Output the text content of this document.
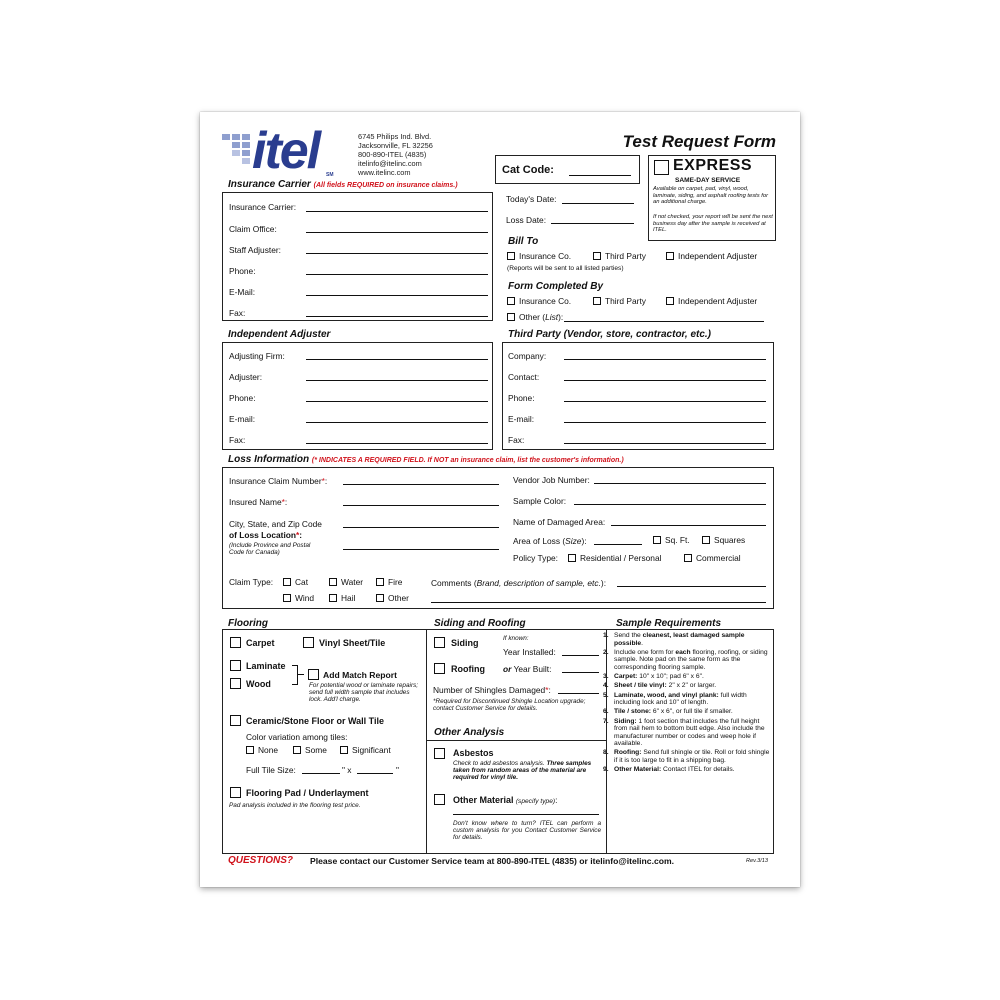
itel SM
6745 Philips Ind. Blvd.
Jacksonville, FL 32256
800-890-ITEL (4835)
itelinfo@itelinc.com
www.itelinc.com
Test Request Form
Cat Code:	EXPRESS
SAME-DAY SERVICE
Available on carpet, pad, vinyl, wood, laminate, siding, and asphalt roofing tests for an additional charge.
If not checked, your report will be sent the next business day after the sample is received at ITEL.
Insurance Carrier (All fields REQUIRED on insurance claims.)
Insurance Carrier:
Claim Office:
Staff Adjuster:
Phone:
E-Mail:
Fax:
Today's Date:
Loss Date:
Bill To
Insurance Co.	Third Party	Independent Adjuster
(Reports will be sent to all listed parties)
Form Completed By
Insurance Co.	Third Party	Independent Adjuster
Other (List):
Independent Adjuster
Adjusting Firm:
Adjuster:
Phone:
E-mail:
Fax:
Third Party (Vendor, store, contractor, etc.)
Company:
Contact:
Phone:
E-mail:
Fax:
Loss Information (* INDICATES A REQUIRED FIELD. If NOT an insurance claim, list the customer's information.)
Insurance Claim Number*:
Insured Name*:
City, State, and Zip Code
of Loss Location*:
(Include Province and Postal
Code for Canada)
Vendor Job Number:
Sample Color:
Name of Damaged Area:
Area of Loss (Size):	Sq. Ft.	Squares
Policy Type:	Residential / Personal	Commercial
Claim Type:	Cat	Water	Fire
Wind	Hail	Other
Comments (Brand, description of sample, etc.):
Flooring	Siding and Roofing	Sample Requirements
Carpet	Vinyl Sheet/Tile
Laminate
Wood
Add Match Report
For potential wood or laminate repairs; send full width sample that includes lock. Add'l charge.
Ceramic/Stone Floor or Wall Tile
Color variation among tiles:
None	Some	Significant
Full Tile Size:	" x	"
Flooring Pad / Underlayment
Pad analysis included in the flooring test price.
Siding	If known:
Year Installed:
Roofing or Year Built:
Number of Shingles Damaged*:
*Required for Discontinued Shingle Location upgrade; contact Customer Service for details.
Other Analysis
Asbestos
Check to add asbestos analysis. Three samples taken from random areas of the material are required for vinyl tile.
Other Material (specify type):
Don't know where to turn? ITEL can perform a custom analysis for you Contact Customer Service for details.
1. Send the cleanest, least damaged sample possible.
2. Include one form for each flooring, roofing, or siding sample. Note pad on the same form as the corresponding flooring sample.
3. Carpet: 10" x 10"; pad 6" x 6".
4. Sheet / tile vinyl: 2" x 2" or larger.
5. Laminate, wood, and vinyl plank: full width including lock and 10" of length.
6. Tile / stone: 6" x 6", or full tile if smaller.
7. Siding: 1 foot section that includes the full height from nail hem to bottom butt edge. Also include the manufacturer number or codes and weep hole if available.
8. Roofing: Send full shingle or tile. Roll or fold shingle if it is too large to fit in a shipping bag.
9. Other Material: Contact ITEL for details.
QUESTIONS? Please contact our Customer Service team at 800-890-ITEL (4835) or itelinfo@itelinc.com.	Rev.3/13
